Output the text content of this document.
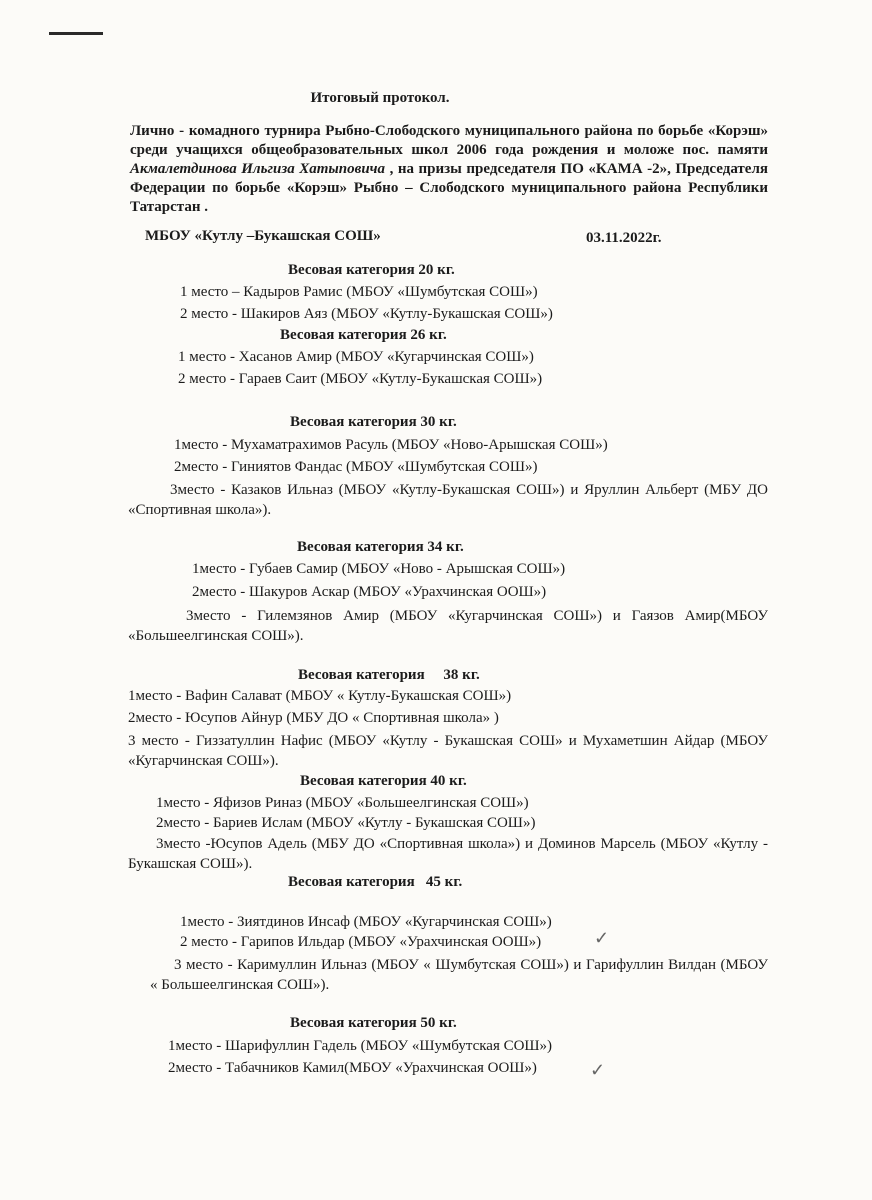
Итоговый протокол.
Лично - комадного турнира Рыбно-Слободского муниципального района по борьбе «Корэш» среди учащихся общеобразовательных школ 2006 года рождения и моложе пос. памяти Акмалетдинова Ильгиза Хатыповича , на призы председателя ПО «КАМА -2», Председателя Федерации по борьбе «Корэш» Рыбно – Слободского муниципального района Республики Татарстан .
МБОУ «Кутлу –Букашская СОШ»	03.11.2022г.
Весовая категория 20 кг.
1 место – Кадыров Рамис (МБОУ «Шумбутская СОШ»)
2 место - Шакиров Аяз (МБОУ «Кутлу-Букашская СОШ»)
Весовая категория 26 кг.
1 место - Хасанов Амир (МБОУ «Кугарчинская СОШ»)
2 место - Гараев Саит (МБОУ «Кутлу-Букашская СОШ»)
Весовая категория 30 кг.
1место - Мухаматрахимов Расуль (МБОУ «Ново-Арышская СОШ»)
2место - Гиниятов Фандас (МБОУ «Шумбутская СОШ»)
3место - Казаков Ильназ (МБОУ «Кутлу-Букашская СОШ») и Яруллин Альберт (МБУ ДО «Спортивная школа»).
Весовая категория 34 кг.
1место - Губаев Самир (МБОУ «Ново - Арышская СОШ»)
2место - Шакуров Аскар (МБОУ «Урахчинская ООШ»)
3место - Гилемзянов Амир (МБОУ «Кугарчинская СОШ») и Гаязов Амир(МБОУ «Большеелгинская СОШ»).
Весовая категория     38 кг.
1место - Вафин Салават (МБОУ « Кутлу-Букашская СОШ»)
2место - Юсупов Айнур (МБУ ДО « Спортивная школа» )
3 место - Гиззатуллин Нафис (МБОУ «Кутлу - Букашская СОШ» и Мухаметшин Айдар (МБОУ «Кугарчинская СОШ»).
Весовая категория 40 кг.
1место - Яфизов Риназ (МБОУ «Большеелгинская СОШ»)
2место - Бариев Ислам (МБОУ «Кутлу - Букашская СОШ»)
3место -Юсупов Адель (МБУ ДО «Спортивная школа») и Доминов Марсель (МБОУ «Кутлу - Букашская СОШ»).
Весовая категория   45 кг.
1место - Зиятдинов Инсаф (МБОУ «Кугарчинская СОШ»)
2 место - Гарипов Ильдар (МБОУ «Урахчинская ООШ»)	✓
3 место - Каримуллин Ильназ (МБОУ « Шумбутская СОШ») и Гарифуллин Вилдан (МБОУ « Большеелгинская СОШ»).
Весовая категория 50 кг.
1место - Шарифуллин Гадель (МБОУ «Шумбутская СОШ»)
2место - Табачников Камил(МБОУ «Урахчинская ООШ»)	✓
